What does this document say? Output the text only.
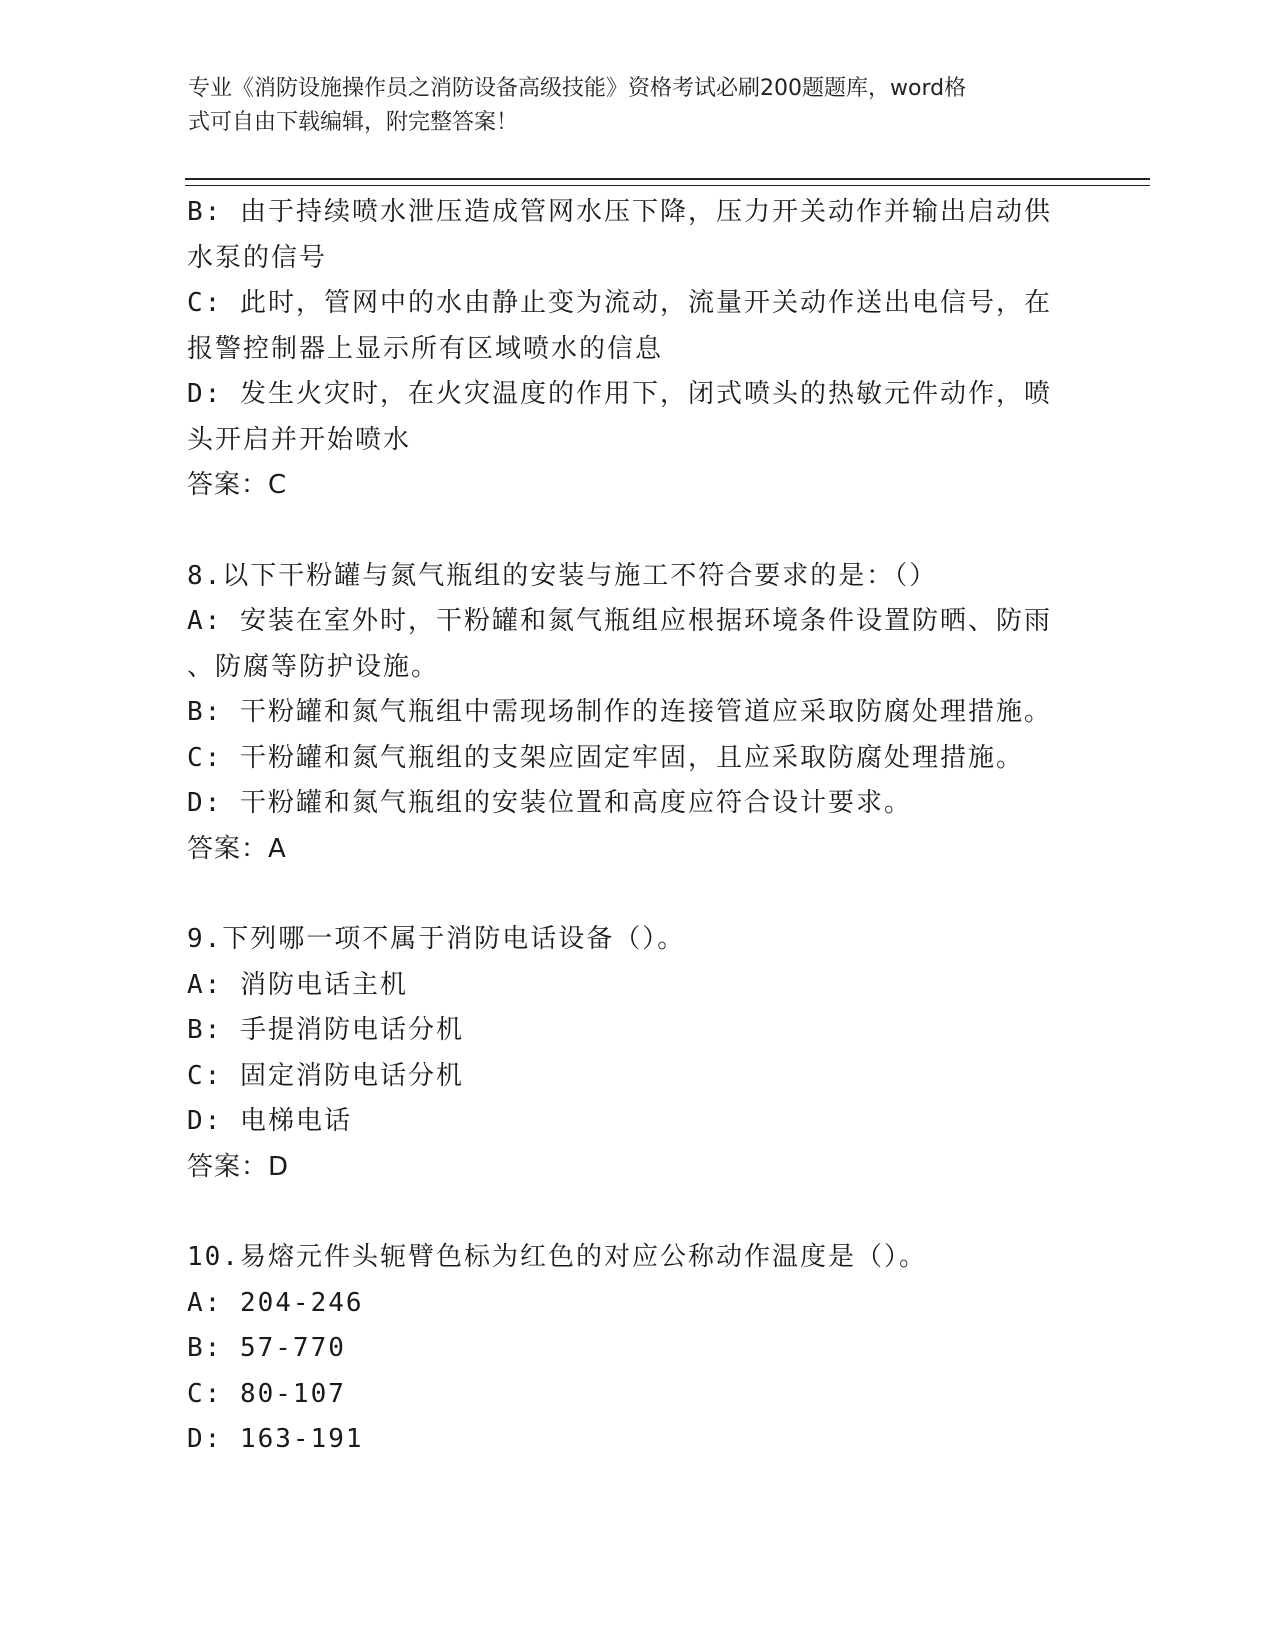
专业《消防设施操作员之消防设备高级技能》资格考试必刷200题题库，word格
式可自由下载编辑，附完整答案！

B: 由于持续喷水泄压造成管网水压下降，压力开关动作并输出启动供

水泵的信号

C: 此时，管网中的水由静止变为流动，流量开关动作送出电信号，在

报警控制器上显示所有区域喷水的信息

D: 发生火灾时，在火灾温度的作用下，闭式喷头的热敏元件动作，喷

头开启并开始喷水

答案：C

8.以下干粉罐与氮气瓶组的安装与施工不符合要求的是：（）

A: 安装在室外时，干粉罐和氮气瓶组应根据环境条件设置防晒、防雨

、防腐等防护设施。

B: 干粉罐和氮气瓶组中需现场制作的连接管道应采取防腐处理措施。

C: 干粉罐和氮气瓶组的支架应固定牢固，且应采取防腐处理措施。

D: 干粉罐和氮气瓶组的安装位置和高度应符合设计要求。

答案：A

9.下列哪一项不属于消防电话设备（）。

A: 消防电话主机

B: 手提消防电话分机

C: 固定消防电话分机

D: 电梯电话

答案：D

10.易熔元件头轭臂色标为红色的对应公称动作温度是（）。

A: 204-246

B: 57-770

C: 80-107

D: 163-191
